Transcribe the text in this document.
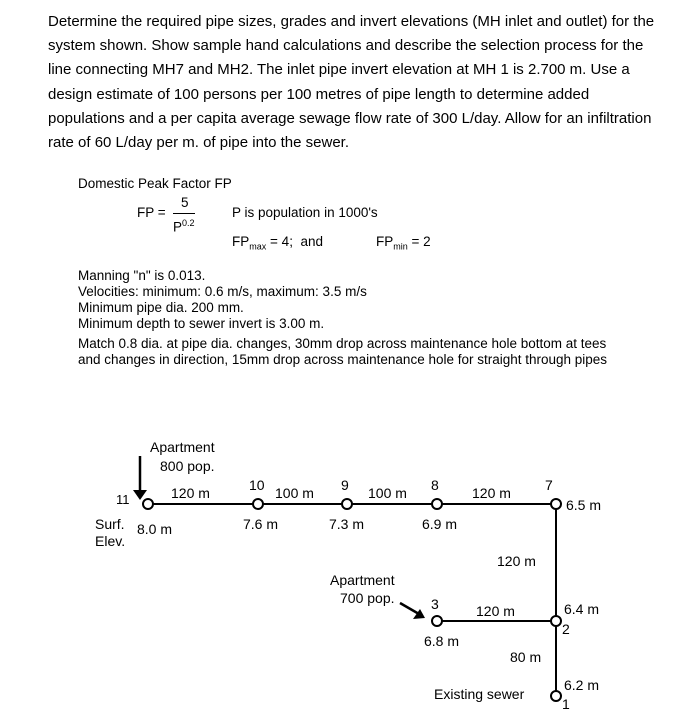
Determine the required pipe sizes, grades and invert elevations (MH inlet and outlet) for the system shown. Show sample hand calculations and describe the selection process for the line connecting MH7 and MH2. The inlet pipe invert elevation at MH 1 is 2.700 m. Use a design estimate of 100 persons per 100 metres of pipe length to determine added populations and a per capita average sewage flow rate of 300 L/day. Allow for an infiltration rate of 60 L/day per m. of pipe into the sewer.

Domestic Peak Factor FP
FP =
5
$P^{0.2}$
P is population in 1000's
$FP_{max} = 4$; and	$FP_{min} = 2$
Manning "n" is 0.013.
Velocities: minimum: 0.6 m/s, maximum: 3.5 m/s
Minimum pipe dia. 200 mm.
Minimum depth to sewer invert is 3.00 m.
Match 0.8 dia. at pipe dia. changes, 30mm drop across maintenance hole bottom at tees
and changes in direction, 15mm drop across maintenance hole for straight through pipes
Apartment
800 pop.
Apartment
700 pop.
11
10	9	8	7
3
2
1
120 m	100 m	100 m	120 m
120 m
120 m
80 m
Surf.
Elev.
8.0 m	7.6 m	7.3 m	6.9 m
6.5 m
6.8 m
6.4 m
6.2 m
Existing sewer
